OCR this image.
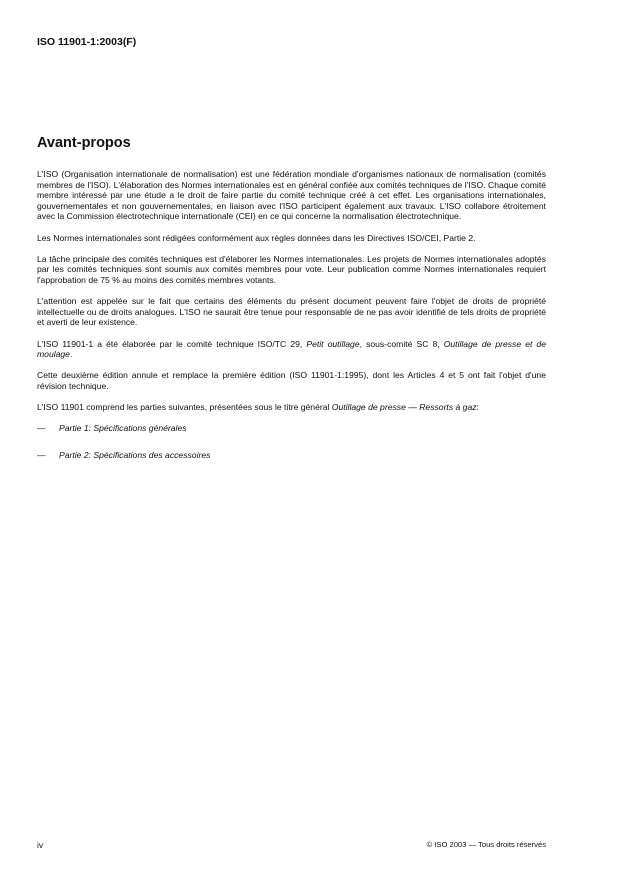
ISO 11901-1:2003(F)
Avant-propos

L'ISO (Organisation internationale de normalisation) est une fédération mondiale d'organismes nationaux de normalisation (comités membres de l'ISO). L'élaboration des Normes internationales est en général confiée aux comités techniques de l'ISO. Chaque comité membre intéressé par une étude a le droit de faire partie du comité technique créé à cet effet. Les organisations internationales, gouvernementales et non gouvernementales, en liaison avec l'ISO participent également aux travaux. L'ISO collabore étroitement avec la Commission électrotechnique internationale (CEI) en ce qui concerne la normalisation électrotechnique.

Les Normes internationales sont rédigées conformément aux règles données dans les Directives ISO/CEI, Partie 2.

La tâche principale des comités techniques est d'élaborer les Normes internationales. Les projets de Normes internationales adoptés par les comités techniques sont soumis aux comités membres pour vote. Leur publication comme Normes internationales requiert l'approbation de 75 % au moins des comités membres votants.

L'attention est appelée sur le fait que certains des éléments du présent document peuvent faire l'objet de droits de propriété intellectuelle ou de droits analogues. L'ISO ne saurait être tenue pour responsable de ne pas avoir identifié de tels droits de propriété et averti de leur existence.

L'ISO 11901-1 a été élaborée par le comité technique ISO/TC 29, Petit outillage, sous-comité SC 8, Outillage de presse et de moulage.

Cette deuxième édition annule et remplace la première édition (ISO 11901-1:1995), dont les Articles 4 et 5 ont fait l'objet d'une révision technique.

L'ISO 11901 comprend les parties suivantes, présentées sous le titre général Outillage de presse — Ressorts à gaz:

—	Partie 1: Spécifications générales
—	Partie 2: Spécifications des accessoires
iv	© ISO 2003 — Tous droits réservés
